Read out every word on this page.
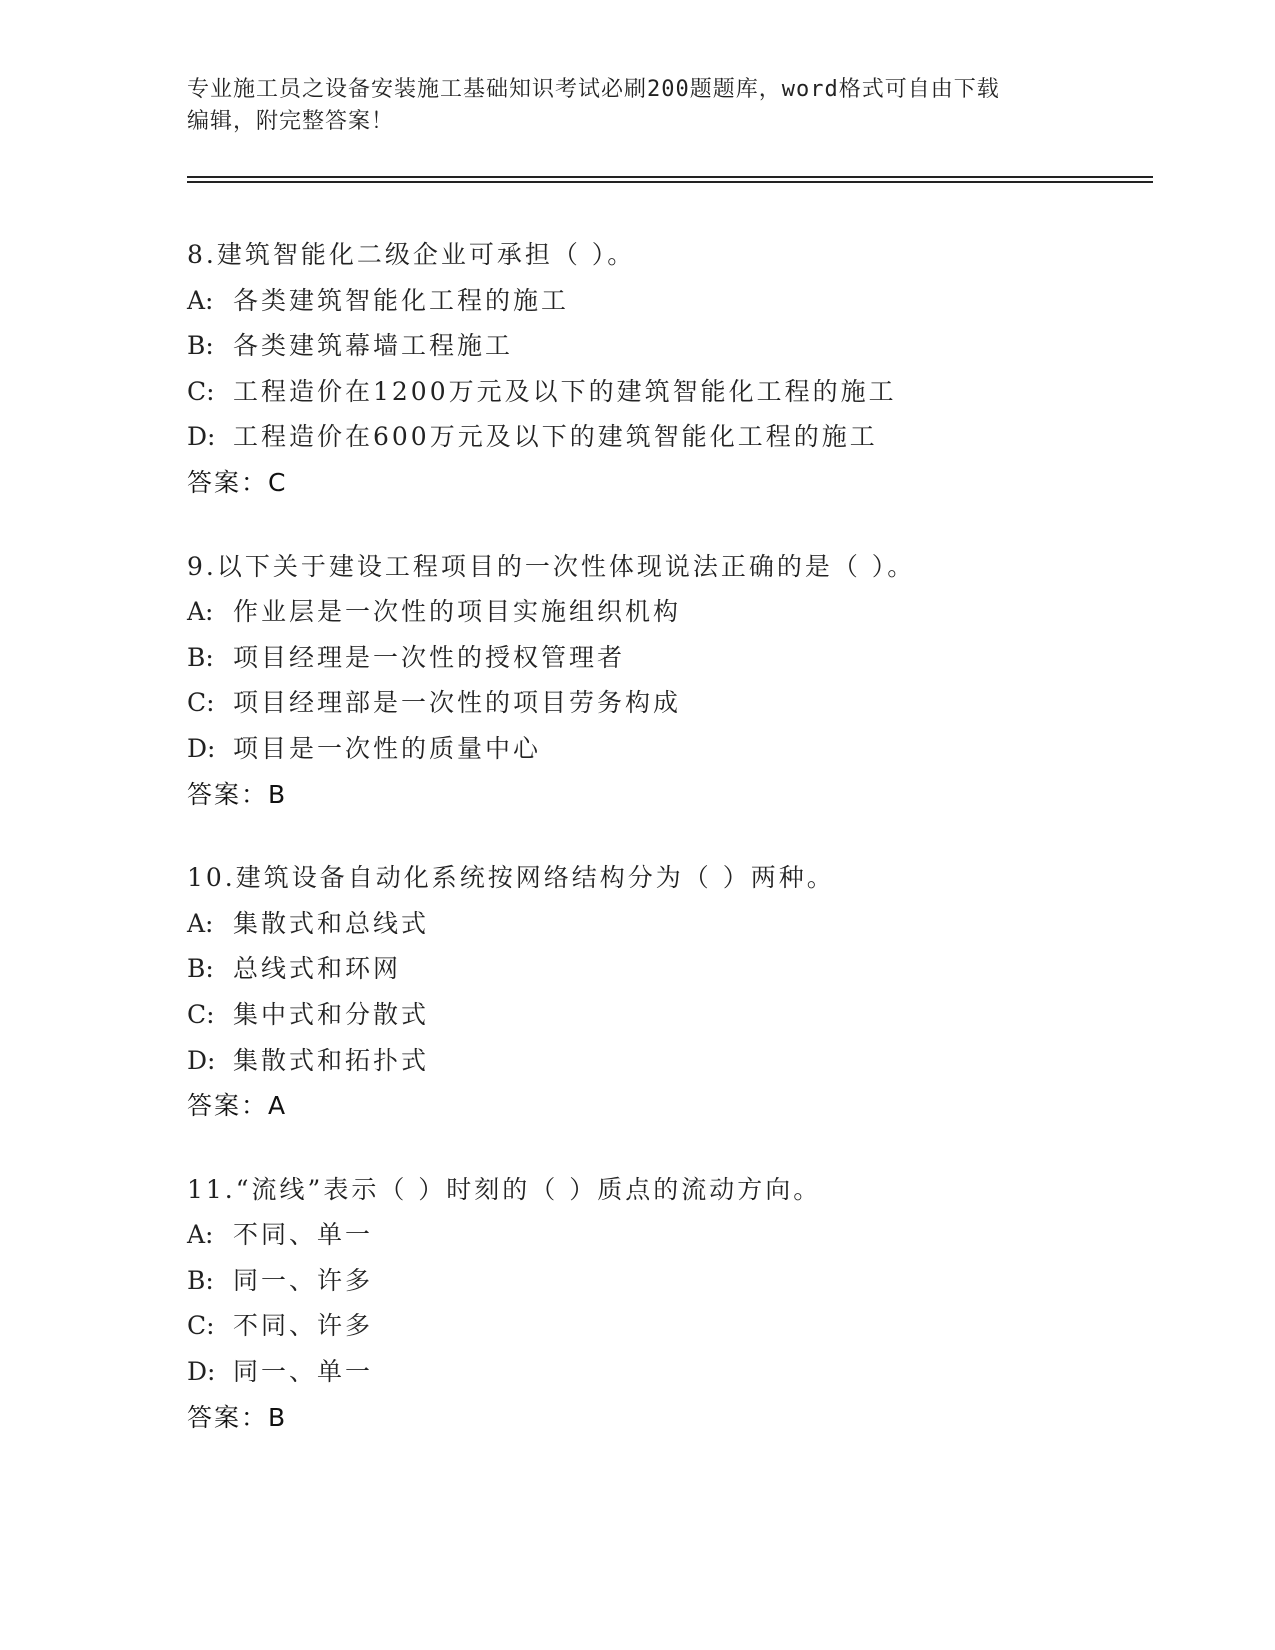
专业施工员之设备安装施工基础知识考试必刷200题题库，word格式可自由下载
编辑，附完整答案！
8.建筑智能化二级企业可承担（ ）。
A: 各类建筑智能化工程的施工
B: 各类建筑幕墙工程施工
C: 工程造价在1200万元及以下的建筑智能化工程的施工
D: 工程造价在600万元及以下的建筑智能化工程的施工
答案：C
9.以下关于建设工程项目的一次性体现说法正确的是（ ）。
A: 作业层是一次性的项目实施组织机构
B: 项目经理是一次性的授权管理者
C: 项目经理部是一次性的项目劳务构成
D: 项目是一次性的质量中心
答案：B
10.建筑设备自动化系统按网络结构分为（ ）两种。
A: 集散式和总线式
B: 总线式和环网
C: 集中式和分散式
D: 集散式和拓扑式
答案：A
11.“流线”表示（ ）时刻的（ ）质点的流动方向。
A: 不同、单一
B: 同一、许多
C: 不同、许多
D: 同一、单一
答案：B
